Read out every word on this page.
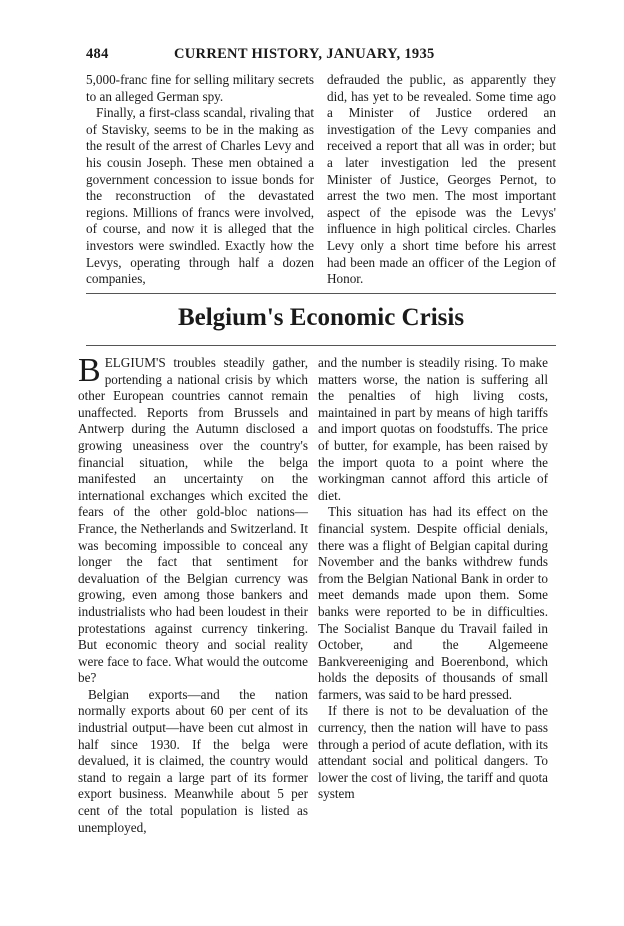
484	CURRENT HISTORY, JANUARY, 1935

5,000-franc fine for selling military secrets to an alleged German spy.

Finally, a first-class scandal, rivaling that of Stavisky, seems to be in the making as the result of the arrest of Charles Levy and his cousin Joseph. These men obtained a government concession to issue bonds for the reconstruction of the devastated regions. Millions of francs were involved, of course, and now it is alleged that the investors were swindled. Exactly how the Levys, operating through half a dozen companies,

defrauded the public, as apparently they did, has yet to be revealed. Some time ago a Minister of Justice ordered an investigation of the Levy companies and received a report that all was in order; but a later investigation led the present Minister of Justice, Georges Pernot, to arrest the two men. The most important aspect of the episode was the Levys' influence in high political circles. Charles Levy only a short time before his arrest had been made an officer of the Legion of Honor.

Belgium's Economic Crisis

BELGIUM'S troubles steadily gather, portending a national crisis by which other European countries cannot remain unaffected. Reports from Brussels and Antwerp during the Autumn disclosed a growing uneasiness over the country's financial situation, while the belga manifested an uncertainty on the international exchanges which excited the fears of the other gold-bloc nations—France, the Netherlands and Switzerland. It was becoming impossible to conceal any longer the fact that sentiment for devaluation of the Belgian currency was growing, even among those bankers and industrialists who had been loudest in their protestations against currency tinkering. But economic theory and social reality were face to face. What would the outcome be?

Belgian exports—and the nation normally exports about 60 per cent of its industrial output—have been cut almost in half since 1930. If the belga were devalued, it is claimed, the country would stand to regain a large part of its former export business. Meanwhile about 5 per cent of the total population is listed as unemployed,

and the number is steadily rising. To make matters worse, the nation is suffering all the penalties of high living costs, maintained in part by means of high tariffs and import quotas on foodstuffs. The price of butter, for example, has been raised by the import quota to a point where the workingman cannot afford this article of diet.

This situation has had its effect on the financial system. Despite official denials, there was a flight of Belgian capital during November and the banks withdrew funds from the Belgian National Bank in order to meet demands made upon them. Some banks were reported to be in difficulties. The Socialist Banque du Travail failed in October, and the Algemeene Bankvereeniging and Boerenbond, which holds the deposits of thousands of small farmers, was said to be hard pressed.

If there is not to be devaluation of the currency, then the nation will have to pass through a period of acute deflation, with its attendant social and political dangers. To lower the cost of living, the tariff and quota system
